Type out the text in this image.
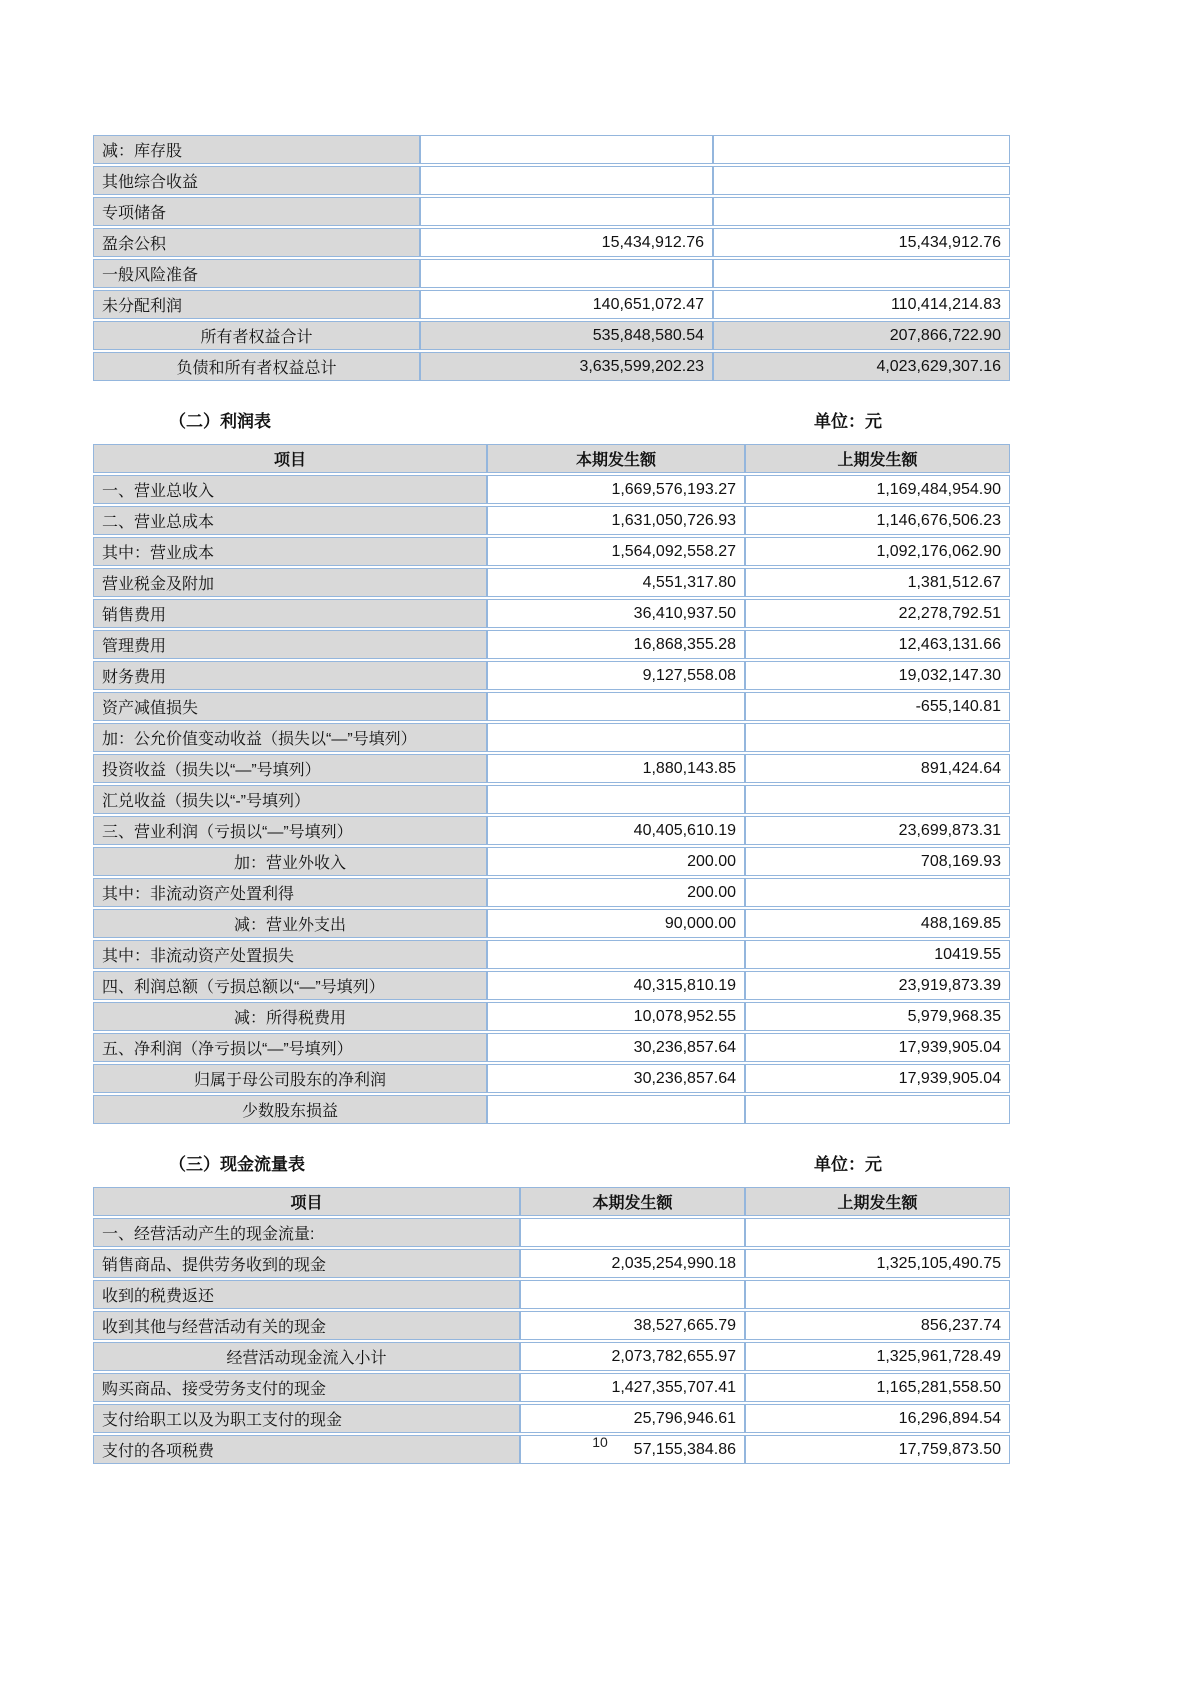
减：库存股		
其他综合收益		
专项储备		
盈余公积	15,434,912.76	15,434,912.76
一般风险准备		
未分配利润	140,651,072.47	110,414,214.83
所有者权益合计	535,848,580.54	207,866,722.90
负债和所有者权益总计	3,635,599,202.23	4,023,629,307.16
（二）利润表	单位：元
项目	本期发生额	上期发生额
一、营业总收入	1,669,576,193.27	1,169,484,954.90
二、营业总成本	1,631,050,726.93	1,146,676,506.23
其中：营业成本	1,564,092,558.27	1,092,176,062.90
营业税金及附加	4,551,317.80	1,381,512.67
销售费用	36,410,937.50	22,278,792.51
管理费用	16,868,355.28	12,463,131.66
财务费用	9,127,558.08	19,032,147.30
资产减值损失		-655,140.81
加：公允价值变动收益（损失以“—”号填列）		
投资收益（损失以“—”号填列）	1,880,143.85	891,424.64
汇兑收益（损失以“-”号填列）		
三、营业利润（亏损以“—”号填列）	40,405,610.19	23,699,873.31
加：营业外收入	200.00	708,169.93
其中：非流动资产处置利得	200.00	
减：营业外支出	90,000.00	488,169.85
其中：非流动资产处置损失		10419.55
四、利润总额（亏损总额以“—”号填列）	40,315,810.19	23,919,873.39
减：所得税费用	10,078,952.55	5,979,968.35
五、净利润（净亏损以“—”号填列）	30,236,857.64	17,939,905.04
归属于母公司股东的净利润	30,236,857.64	17,939,905.04
少数股东损益		
（三）现金流量表	单位：元
项目	本期发生额	上期发生额
一、经营活动产生的现金流量:		
销售商品、提供劳务收到的现金	2,035,254,990.18	1,325,105,490.75
收到的税费返还		
收到其他与经营活动有关的现金	38,527,665.79	856,237.74
经营活动现金流入小计	2,073,782,655.97	1,325,961,728.49
购买商品、接受劳务支付的现金	1,427,355,707.41	1,165,281,558.50
支付给职工以及为职工支付的现金	25,796,946.61	16,296,894.54
支付的各项税费	57,155,384.86	17,759,873.50
10
